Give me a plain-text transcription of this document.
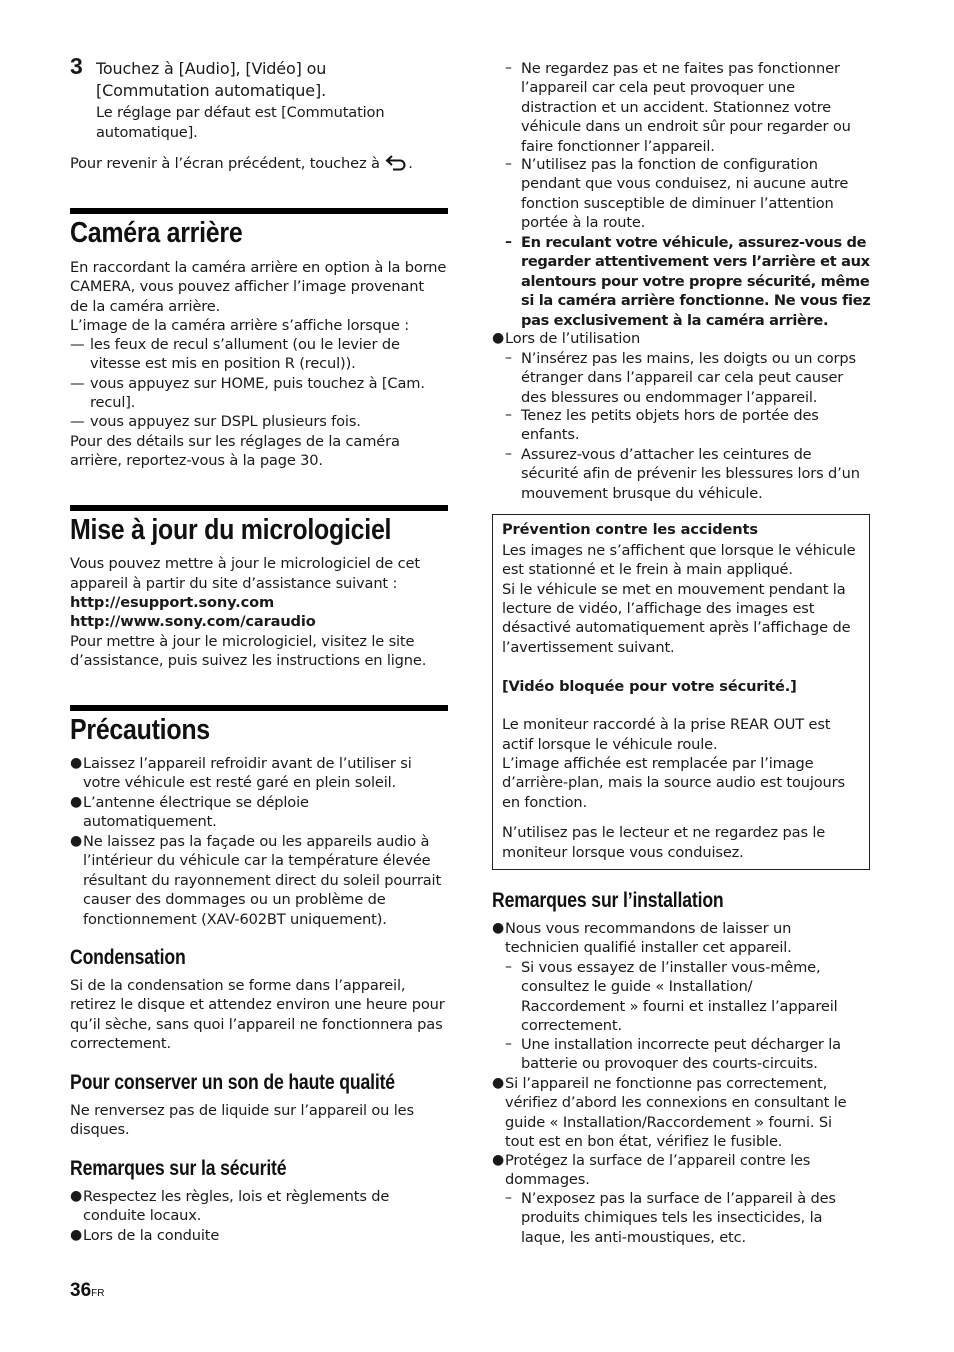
3 Touchez à [Audio], [Vidéo] ou
[Commutation automatique].
Le réglage par défaut est [Commutation
automatique].
Pour revenir à l’écran précédent, touchez à .
Caméra arrière
En raccordant la caméra arrière en option à la borne
CAMERA, vous pouvez afficher l’image provenant
de la caméra arrière.
L’image de la caméra arrière s’affiche lorsque :
— les feux de recul s’allument (ou le levier de
vitesse est mis en position R (recul)).
— vous appuyez sur HOME, puis touchez à [Cam.
recul].
— vous appuyez sur DSPL plusieurs fois.
Pour des détails sur les réglages de la caméra
arrière, reportez-vous à la page 30.
Mise à jour du micrologiciel
Vous pouvez mettre à jour le micrologiciel de cet
appareil à partir du site d’assistance suivant :
http://esupport.sony.com
http://www.sony.com/caraudio
Pour mettre à jour le micrologiciel, visitez le site
d’assistance, puis suivez les instructions en ligne.
Précautions
● Laissez l’appareil refroidir avant de l’utiliser si
votre véhicule est resté garé en plein soleil.
● L’antenne électrique se déploie
automatiquement.
● Ne laissez pas la façade ou les appareils audio à
l’intérieur du véhicule car la température élevée
résultant du rayonnement direct du soleil pourrait
causer des dommages ou un problème de
fonctionnement (XAV-602BT uniquement).
Condensation
Si de la condensation se forme dans l’appareil,
retirez le disque et attendez environ une heure pour
qu’il sèche, sans quoi l’appareil ne fonctionnera pas
correctement.
Pour conserver un son de haute qualité
Ne renversez pas de liquide sur l’appareil ou les
disques.
Remarques sur la sécurité
● Respectez les règles, lois et règlements de
conduite locaux.
● Lors de la conduite
36FR
– Ne regardez pas et ne faites pas fonctionner
l’appareil car cela peut provoquer une
distraction et un accident. Stationnez votre
véhicule dans un endroit sûr pour regarder ou
faire fonctionner l’appareil.
– N’utilisez pas la fonction de configuration
pendant que vous conduisez, ni aucune autre
fonction susceptible de diminuer l’attention
portée à la route.
– En reculant votre véhicule, assurez-vous de
regarder attentivement vers l’arrière et aux
alentours pour votre propre sécurité, même
si la caméra arrière fonctionne. Ne vous fiez
pas exclusivement à la caméra arrière.
● Lors de l’utilisation
– N’insérez pas les mains, les doigts ou un corps
étranger dans l’appareil car cela peut causer
des blessures ou endommager l’appareil.
– Tenez les petits objets hors de portée des
enfants.
– Assurez-vous d’attacher les ceintures de
sécurité afin de prévenir les blessures lors d’un
mouvement brusque du véhicule.
Prévention contre les accidents
Les images ne s’affichent que lorsque le véhicule
est stationné et le frein à main appliqué.
Si le véhicule se met en mouvement pendant la
lecture de vidéo, l’affichage des images est
désactivé automatiquement après l’affichage de
l’avertissement suivant.
[Vidéo bloquée pour votre sécurité.]
Le moniteur raccordé à la prise REAR OUT est
actif lorsque le véhicule roule.
L’image affichée est remplacée par l’image
d’arrière-plan, mais la source audio est toujours
en fonction.
N’utilisez pas le lecteur et ne regardez pas le
moniteur lorsque vous conduisez.
Remarques sur l’installation
● Nous vous recommandons de laisser un
technicien qualifié installer cet appareil.
– Si vous essayez de l’installer vous-même,
consultez le guide « Installation/
Raccordement » fourni et installez l’appareil
correctement.
– Une installation incorrecte peut décharger la
batterie ou provoquer des courts-circuits.
● Si l’appareil ne fonctionne pas correctement,
vérifiez d’abord les connexions en consultant le
guide « Installation/Raccordement » fourni. Si
tout est en bon état, vérifiez le fusible.
● Protégez la surface de l’appareil contre les
dommages.
– N’exposez pas la surface de l’appareil à des
produits chimiques tels les insecticides, la
laque, les anti-moustiques, etc.
